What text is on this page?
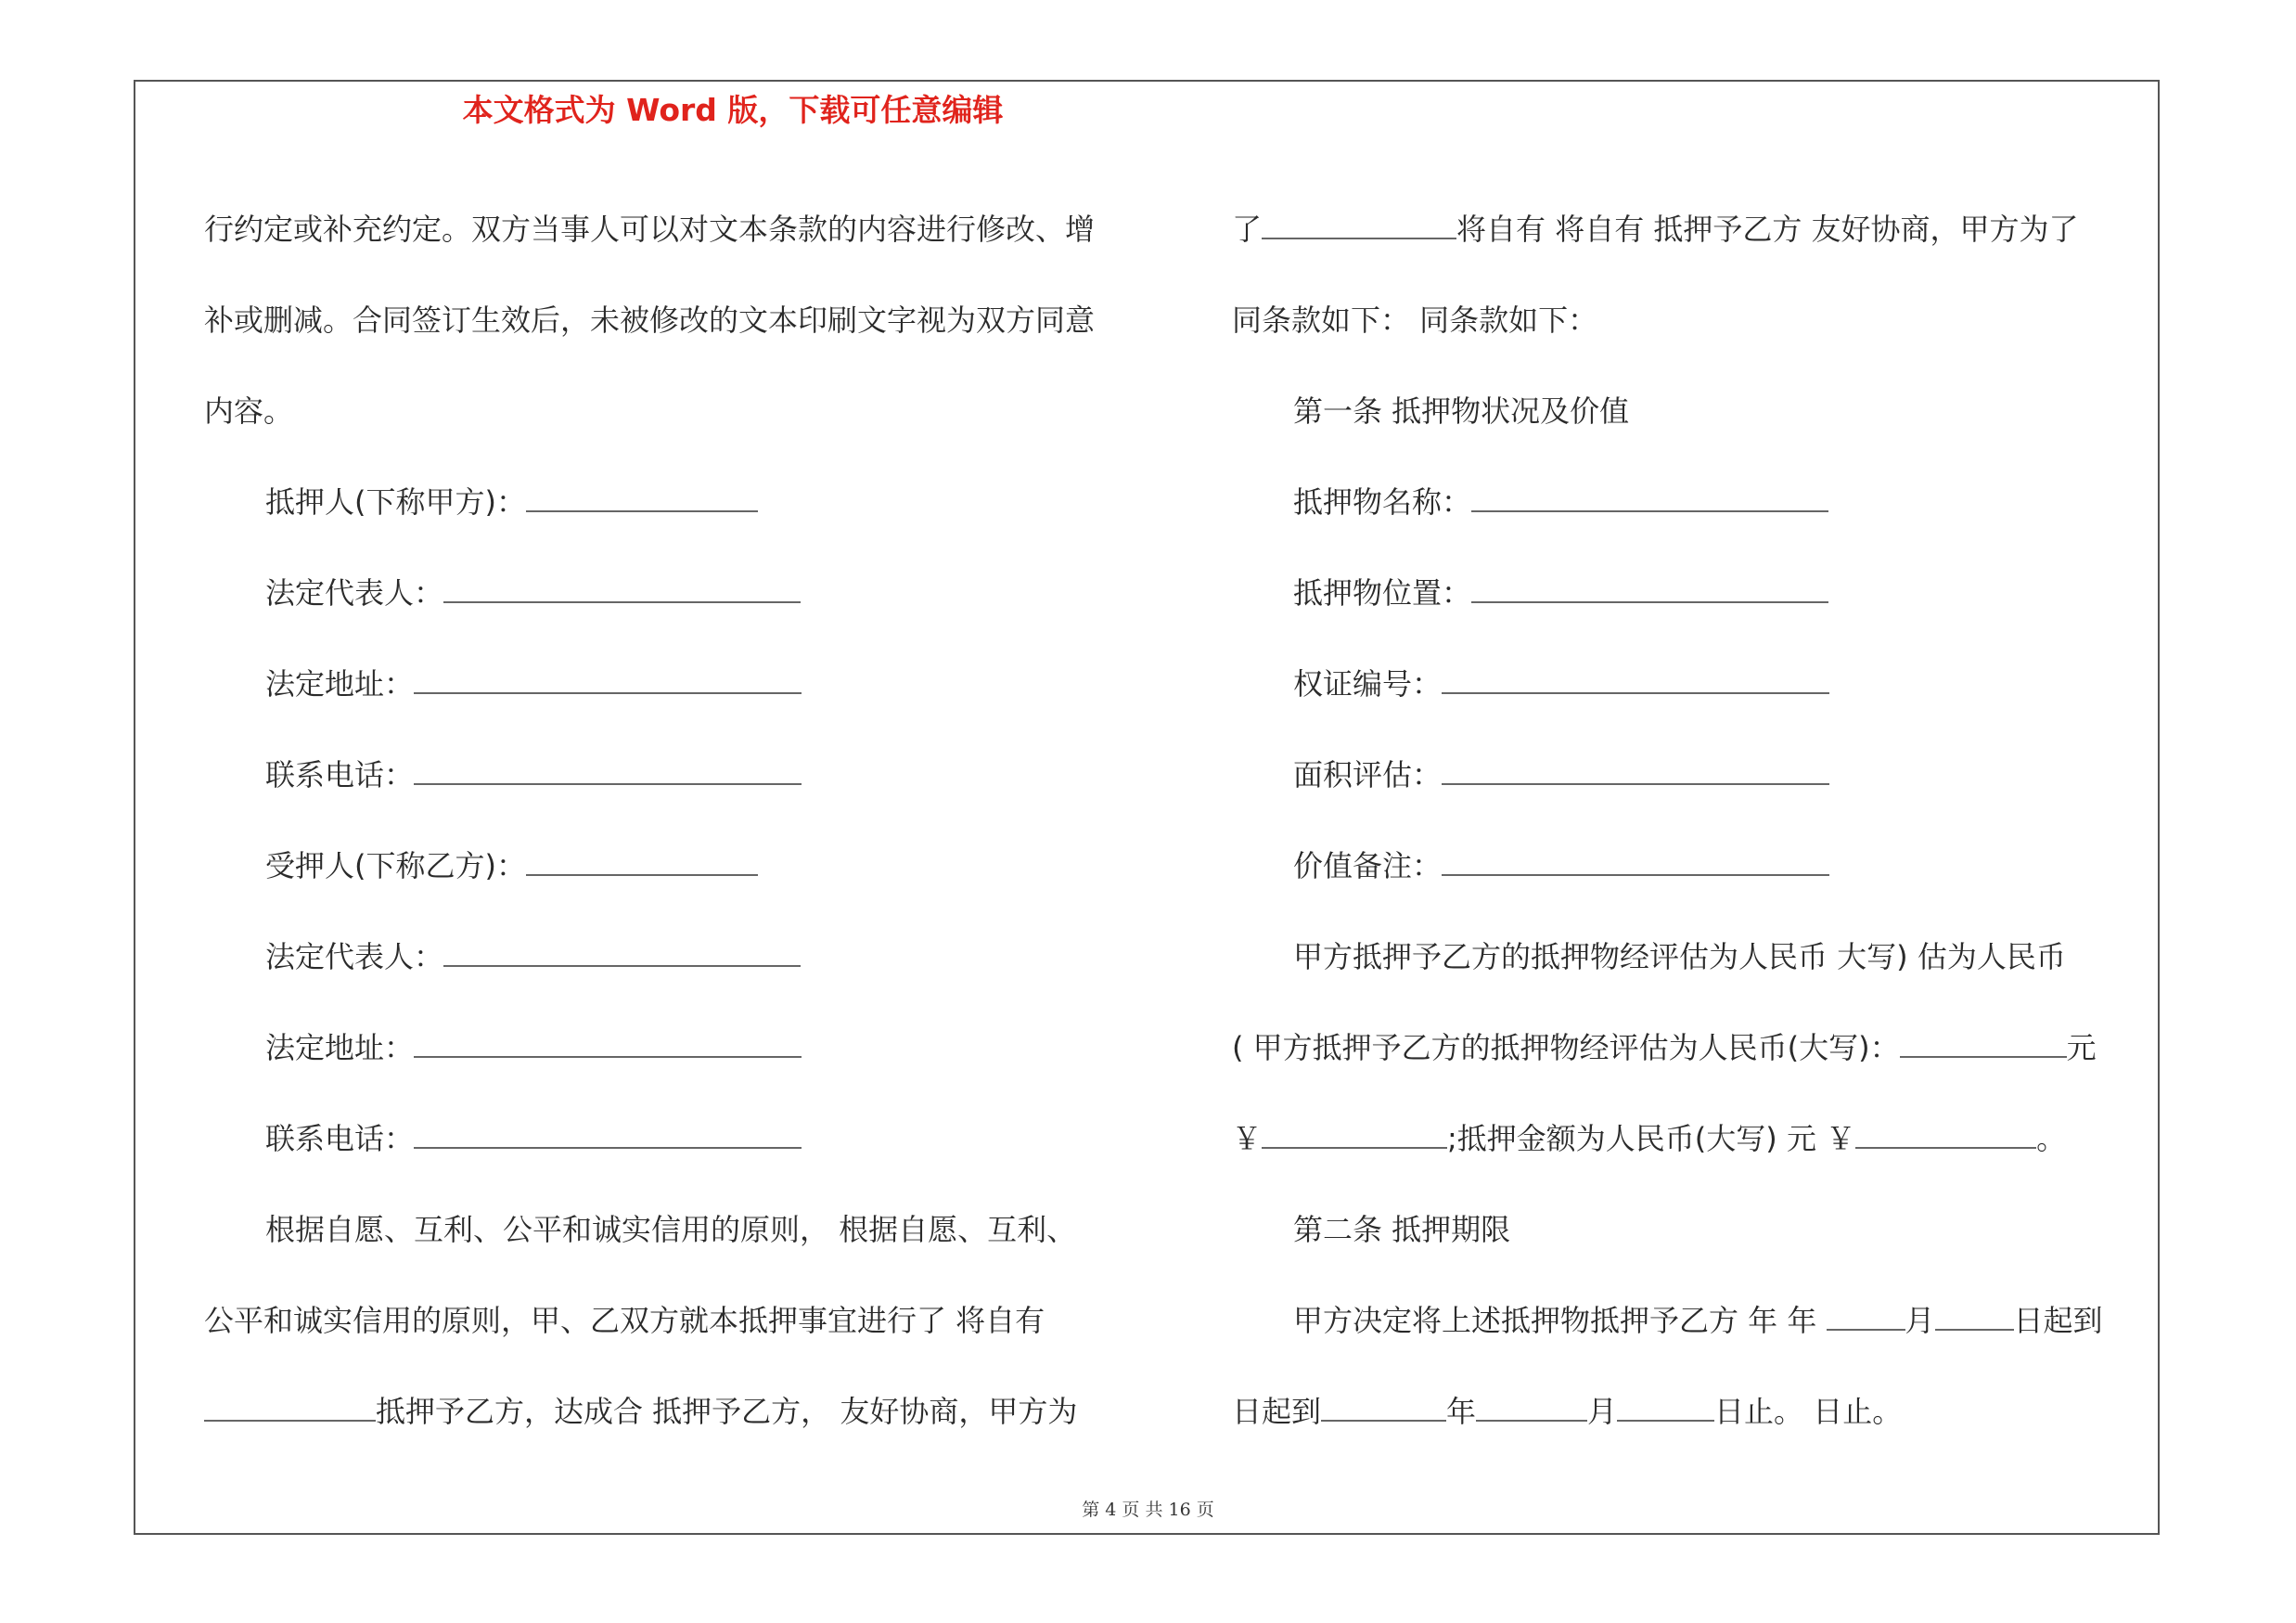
本文格式为 Word 版，下载可任意编辑
行约定或补充约定。双方当事人可以对文本条款的内容进行修改、增
补或删减。合同签订生效后，未被修改的文本印刷文字视为双方同意
内容。
抵押人(下称甲方)：
法定代表人：
法定地址：
联系电话：
受押人(下称乙方)：
法定代表人：
法定地址：
联系电话：
根据自愿、互利、公平和诚实信用的原则， 根据自愿、互利、
公平和诚实信用的原则，甲、乙双方就本抵押事宜进行了 将自有
抵押予乙方，达成合 抵押予乙方， 友好协商，甲方为
了	将自有 将自有 抵押予乙方 友好协商，甲方为了
同条款如下： 同条款如下：
第一条 抵押物状况及价值
抵押物名称：
抵押物位置：
权证编号：
面积评估：
价值备注：
甲方抵押予乙方的抵押物经评估为人民币 大写) 估为人民币
( 甲方抵押予乙方的抵押物经评估为人民币(大写)：	元
￥	;抵押金额为人民币(大写) 元 ￥	。
第二条 抵押期限
甲方决定将上述抵押物抵押予乙方 年 年	月	日起到
日起到	年	月	日止。 日止。
第 4 页 共 16 页
